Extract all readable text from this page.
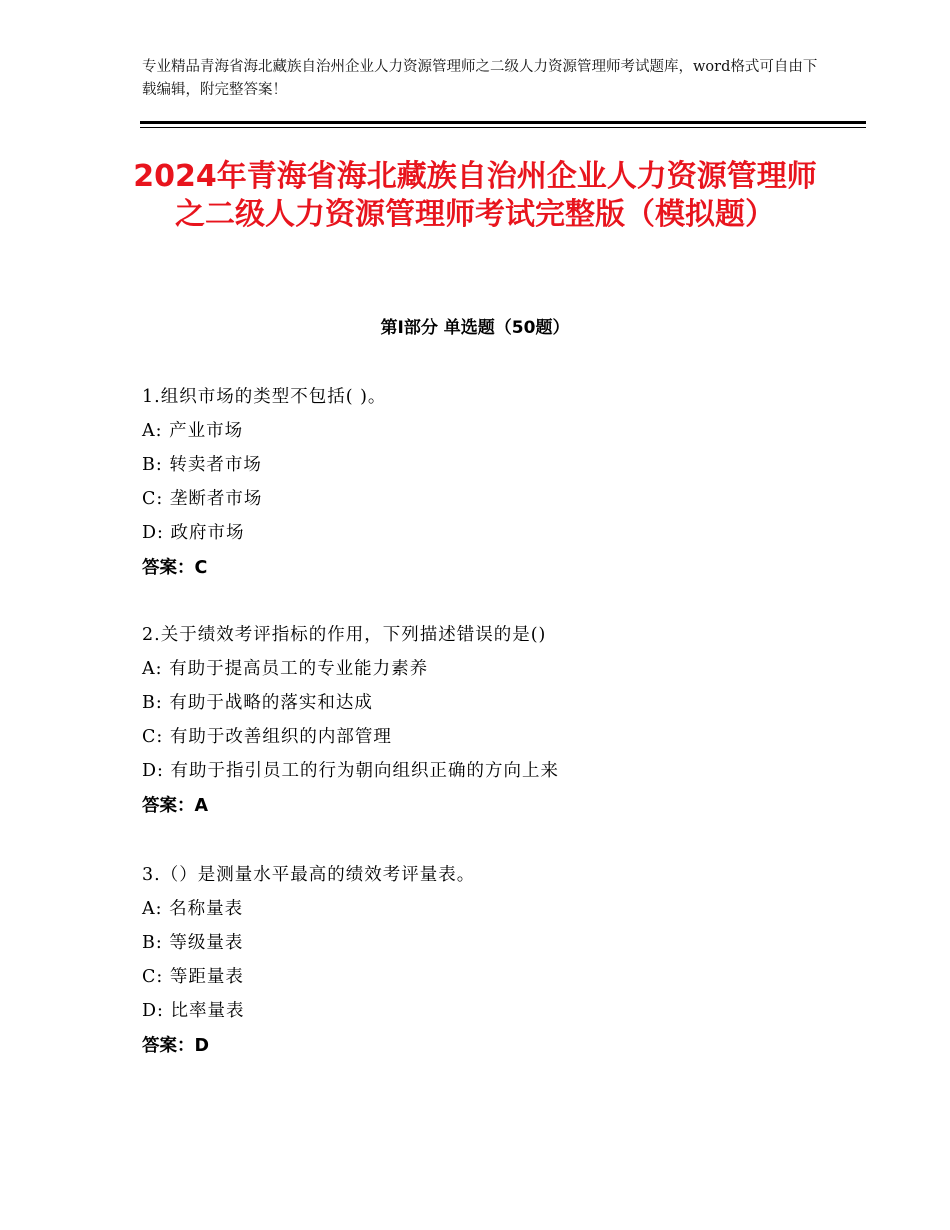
专业精品青海省海北藏族自治州企业人力资源管理师之二级人力资源管理师考试题库，word格式可自由下载编辑，附完整答案！
2024年青海省海北藏族自治州企业人力资源管理师之二级人力资源管理师考试完整版（模拟题）
第Ⅰ部分 单选题（50题）
1.组织市场的类型不包括( )。
A: 产业市场
B: 转卖者市场
C: 垄断者市场
D: 政府市场
答案：C
2.关于绩效考评指标的作用，下列描述错误的是()
A: 有助于提高员工的专业能力素养
B: 有助于战略的落实和达成
C: 有助于改善组织的内部管理
D: 有助于指引员工的行为朝向组织正确的方向上来
答案：A
3.（）是测量水平最高的绩效考评量表。
A: 名称量表
B: 等级量表
C: 等距量表
D: 比率量表
答案：D
